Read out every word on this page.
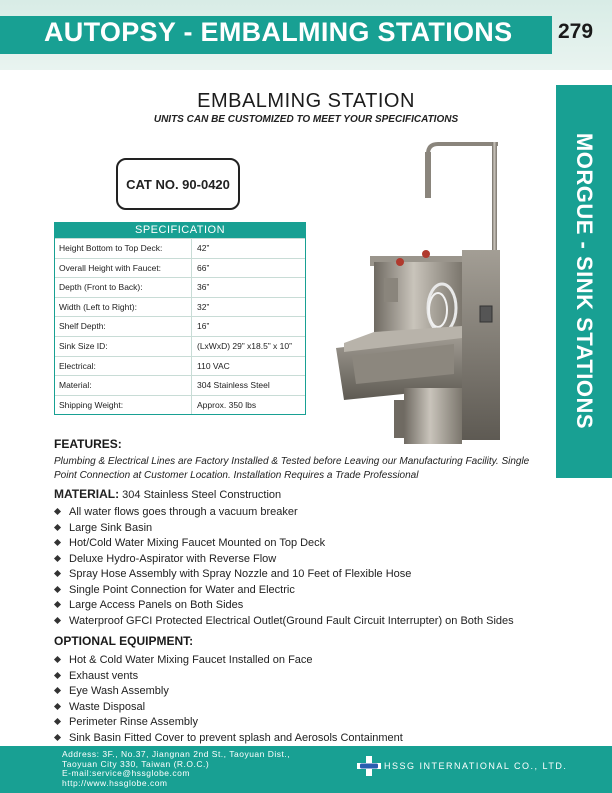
AUTOPSY - EMBALMING STATIONS 279
MORGUE - SINK STATIONS
EMBALMING STATION
UNITS CAN BE CUSTOMIZED TO MEET YOUR SPECIFICATIONS
CAT NO. 90-0420
SPECIFICATION
Height Bottom to Top Deck:	42”
Overall Height with Faucet:	66”
Depth (Front to Back):	36”
Width (Left to Right):	32”
Shelf Depth:	16”
Sink Size ID:	(LxWxD) 29” x18.5” x 10”
Electrical:	110 VAC
Material:	304 Stainless Steel
Shipping Weight:	Approx. 350 lbs
FEATURES:
Plumbing & Electrical Lines are Factory Installed & Tested before Leaving our Manufacturing Facility. Single Point Connection at Customer Location. Installation Requires a Trade Professional
MATERIAL: 304 Stainless Steel Construction
All water flows goes through a vacuum breaker
Large Sink Basin
Hot/Cold Water Mixing Faucet Mounted on Top Deck
Deluxe Hydro-Aspirator with Reverse Flow
Spray Hose Assembly with Spray Nozzle and 10 Feet of Flexible Hose
Single Point Connection for Water and Electric
Large Access Panels on Both Sides
Waterproof GFCI Protected Electrical Outlet(Ground Fault Circuit Interrupter) on Both Sides
OPTIONAL EQUIPMENT:
Hot & Cold Water Mixing Faucet Installed on Face
Exhaust vents
Eye Wash Assembly
Waste Disposal
Perimeter Rinse Assembly
Sink Basin Fitted Cover to prevent splash and Aerosols Containment
Address: 3F., No.37, Jiangnan 2nd St., Taoyuan Dist.,
Taoyuan City 330, Taiwan (R.O.C.)
E-mail:service@hssglobe.com
http://www.hssglobe.com
HSSG INTERNATIONAL CO., LTD.
